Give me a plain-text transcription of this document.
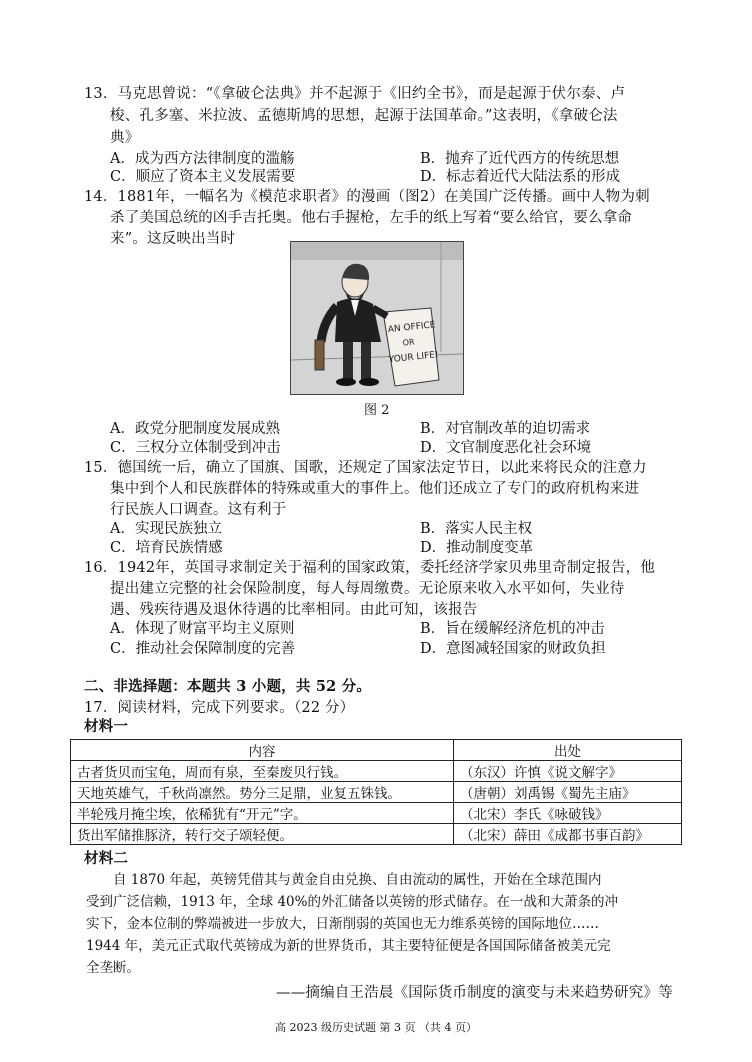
13．马克思曾说：“《拿破仑法典》并不起源于《旧约全书》，而是起源于伏尔泰、卢
梭、孔多塞、米拉波、孟德斯鸠的思想，起源于法国革命。”这表明，《拿破仑法
典》
A．成为西方法律制度的滥觞	B．抛弃了近代西方的传统思想
C．顺应了资本主义发展需要	D．标志着近代大陆法系的形成
14．1881年，一幅名为《模范求职者》的漫画（图2）在美国广泛传播。画中人物为刺
杀了美国总统的凶手吉托奥。他右手握枪，左手的纸上写着“要么给官，要么拿命
来”。这反映出当时
AN OFFICE
OR
YOUR LIFE!
图 2
A．政党分肥制度发展成熟	B．对官制改革的迫切需求
C．三权分立体制受到冲击	D．文官制度恶化社会环境
15．德国统一后，确立了国旗、国歌，还规定了国家法定节日，以此来将民众的注意力
集中到个人和民族群体的特殊或重大的事件上。他们还成立了专门的政府机构来进
行民族人口调查。这有利于
A．实现民族独立	B．落实人民主权
C．培育民族情感	D．推动制度变革
16．1942年，英国寻求制定关于福利的国家政策，委托经济学家贝弗里奇制定报告，他
提出建立完整的社会保险制度，每人每周缴费。无论原来收入水平如何，失业待
遇、残疾待遇及退休待遇的比率相同。由此可知，该报告
A．体现了财富平均主义原则	B．旨在缓解经济危机的冲击
C．推动社会保障制度的完善	D．意图减轻国家的财政负担
二、非选择题：本题共 3 小题，共 52 分。
17．阅读材料，完成下列要求。（22 分）
材料一
内容	出处
古者货贝而宝龟，周而有泉，至秦废贝行钱。	（东汉）许慎《说文解字》
天地英雄气，千秋尚凛然。势分三足鼎，业复五铢钱。	（唐朝）刘禹锡《蜀先主庙》
半轮残月掩尘埃，依稀犹有“开元”字。	（北宋）李氏《咏破钱》
货出军储推豚济，转行交子颂轻便。	（北宋）薛田《成都书事百韵》
材料二
自 1870 年起，英镑凭借其与黄金自由兑换、自由流动的属性，开始在全球范围内
受到广泛信赖，1913 年，全球 40%的外汇储备以英镑的形式储存。在一战和大萧条的冲
实下，金本位制的弊端被进一步放大，日渐削弱的英国也无力维系英镑的国际地位……
1944 年，美元正式取代英镑成为新的世界货币，其主要特征便是各国国际储备被美元完
全垄断。
——摘编自王浩晨《国际货币制度的演变与未来趋势研究》等
高 2023 级历史试题 第 3 页 （共 4 页）
